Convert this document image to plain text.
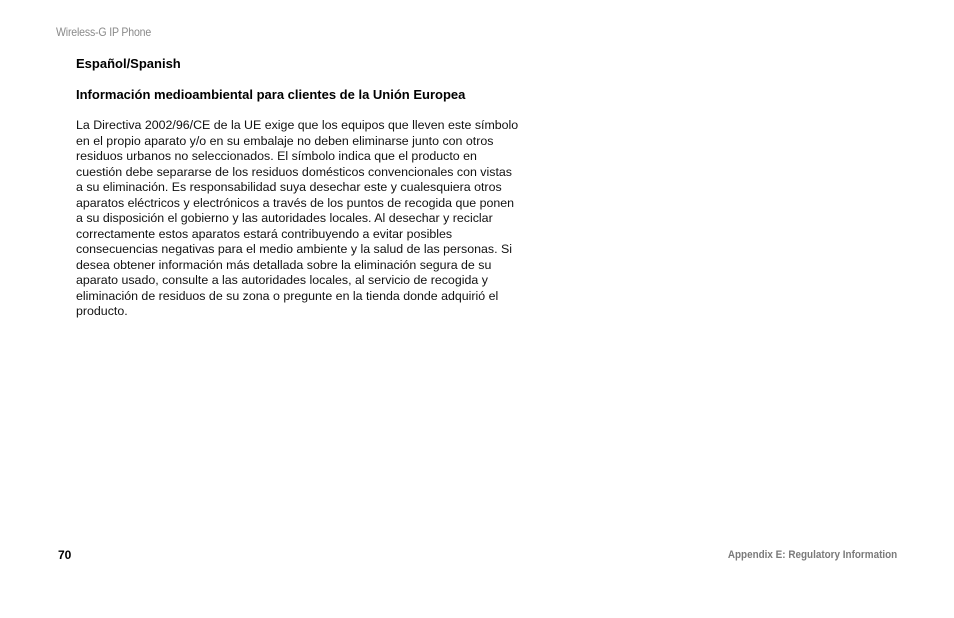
Wireless-G IP Phone
Español/Spanish
Información medioambiental para clientes de la Unión Europea
La Directiva 2002/96/CE de la UE exige que los equipos que lleven este símbolo
en el propio aparato y/o en su embalaje no deben eliminarse junto con otros
residuos urbanos no seleccionados. El símbolo indica que el producto en
cuestión debe separarse de los residuos domésticos convencionales con vistas
a su eliminación. Es responsabilidad suya desechar este y cualesquiera otros
aparatos eléctricos y electrónicos a través de los puntos de recogida que ponen
a su disposición el gobierno y las autoridades locales. Al desechar y reciclar
correctamente estos aparatos estará contribuyendo a evitar posibles
consecuencias negativas para el medio ambiente y la salud de las personas. Si
desea obtener información más detallada sobre la eliminación segura de su
aparato usado, consulte a las autoridades locales, al servicio de recogida y
eliminación de residuos de su zona o pregunte en la tienda donde adquirió el
producto.
70	Appendix E: Regulatory Information
